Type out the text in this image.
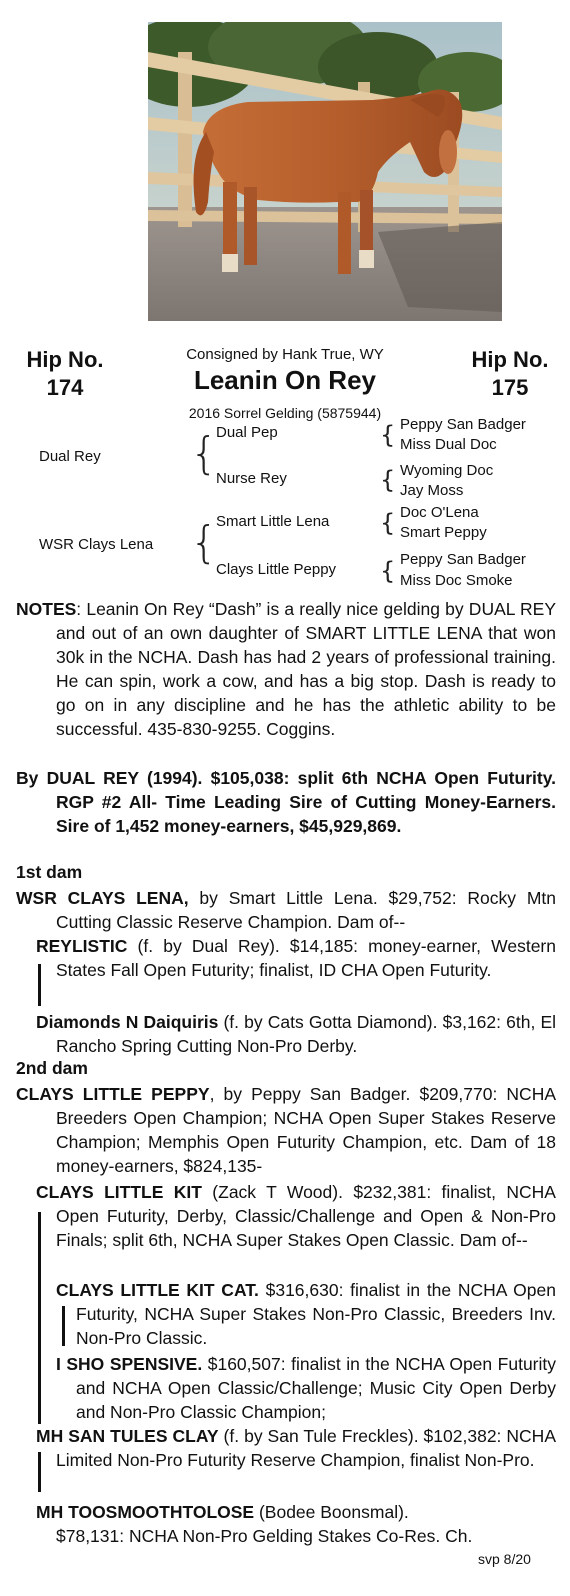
Hip No.
174
Hip No.
175
Consigned by Hank True, WY
Leanin On Rey
2016 Sorrel Gelding (5875944)
Dual Rey {
Dual Pep
Nurse Rey
{ Peppy San Badger
Miss Dual Doc
{ Wyoming Doc
Jay Moss
WSR Clays Lena {
Smart Little Lena
Clays Little Peppy
{ Doc O'Lena
Smart Peppy
{ Peppy San Badger
Miss Doc Smoke
NOTES: Leanin On Rey “Dash” is a really nice gelding by DUAL REY and out of an own daughter of SMART LITTLE LENA that won 30k in the NCHA. Dash has had 2 years of professional training. He can spin, work a cow, and has a big stop. Dash is ready to go on in any discipline and he has the athletic ability to be successful. 435-830-9255. Coggins.
By DUAL REY (1994). $105,038: split 6th NCHA Open Futurity. RGP #2 All- Time Leading Sire of Cutting Money-Earners. Sire of 1,452 money-earners, $45,929,869.
1st dam
WSR CLAYS LENA, by Smart Little Lena. $29,752: Rocky Mtn Cutting Classic Reserve Champion. Dam of--
REYLISTIC (f. by Dual Rey). $14,185: money-earner, Western States Fall Open Futurity; finalist, ID CHA Open Futurity.
Diamonds N Daiquiris (f. by Cats Gotta Diamond). $3,162: 6th, El Rancho Spring Cutting Non-Pro Derby.
2nd dam
CLAYS LITTLE PEPPY, by Peppy San Badger. $209,770: NCHA Breeders Open Champion; NCHA Open Super Stakes Reserve Champion; Memphis Open Futurity Champion, etc. Dam of 18 money-earners, $824,135-
CLAYS LITTLE KIT (Zack T Wood). $232,381: finalist, NCHA Open Futurity, Derby, Classic/Challenge and Open & Non-Pro Finals; split 6th, NCHA Super Stakes Open Classic. Dam of--
CLAYS LITTLE KIT CAT. $316,630: finalist in the NCHA Open Futurity, NCHA Super Stakes Non-Pro Classic, Breeders Inv. Non-Pro Classic.
I SHO SPENSIVE. $160,507: finalist in the NCHA Open Futurity and NCHA Open Classic/Challenge; Music City Open Derby and Non-Pro Classic Champion;
MH SAN TULES CLAY (f. by San Tule Freckles). $102,382: NCHA Limited Non-Pro Futurity Reserve Champion, finalist Non-Pro.
MH TOOSMOOTHTOLOSE (Bodee Boonsmal). $78,131: NCHA Non-Pro Gelding Stakes Co-Res. Ch.
svp 8/20
